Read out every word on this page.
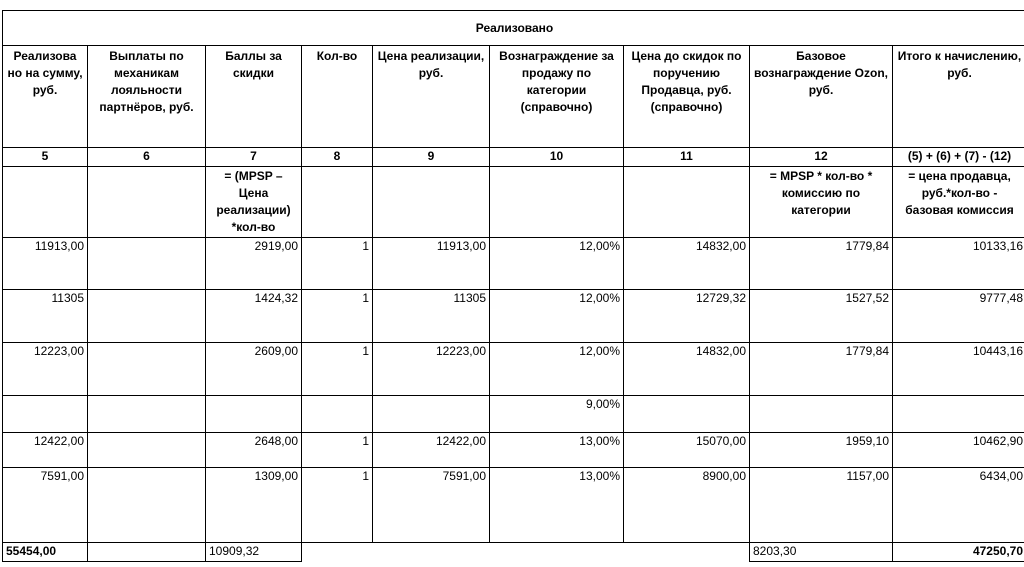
Реализовано								
Реализова но на сумму, руб.	Выплаты по механикам лояльности партнёров, руб.	Баллы за скидки	Кол-во	Цена реализации, руб.	Вознаграждение за продажу по категории (справочно)	Цена до скидок по поручению Продавца, руб. (справочно)	Базовое вознаграждение Ozon, руб.	Итого к начислению, руб.
5	6	7	8	9	10	11	12	(5) + (6) + (7) - (12)
		= (MPSP – Цена реализации) *кол-во					= MPSP * кол-во * комиссию по категории	= цена продавца, руб.*кол-во - базовая комиссия
11913,00		2919,00	1	11913,00	12,00%	14832,00	1779,84	10133,16
11305		1424,32	1	11305	12,00%	12729,32	1527,52	9777,48
12223,00		2609,00	1	12223,00	12,00%	14832,00	1779,84	10443,16
					9,00%			
12422,00		2648,00	1	12422,00	13,00%	15070,00	1959,10	10462,90
7591,00		1309,00	1	7591,00	13,00%	8900,00	1157,00	6434,00
55454,00		10909,32					8203,30	47250,70
